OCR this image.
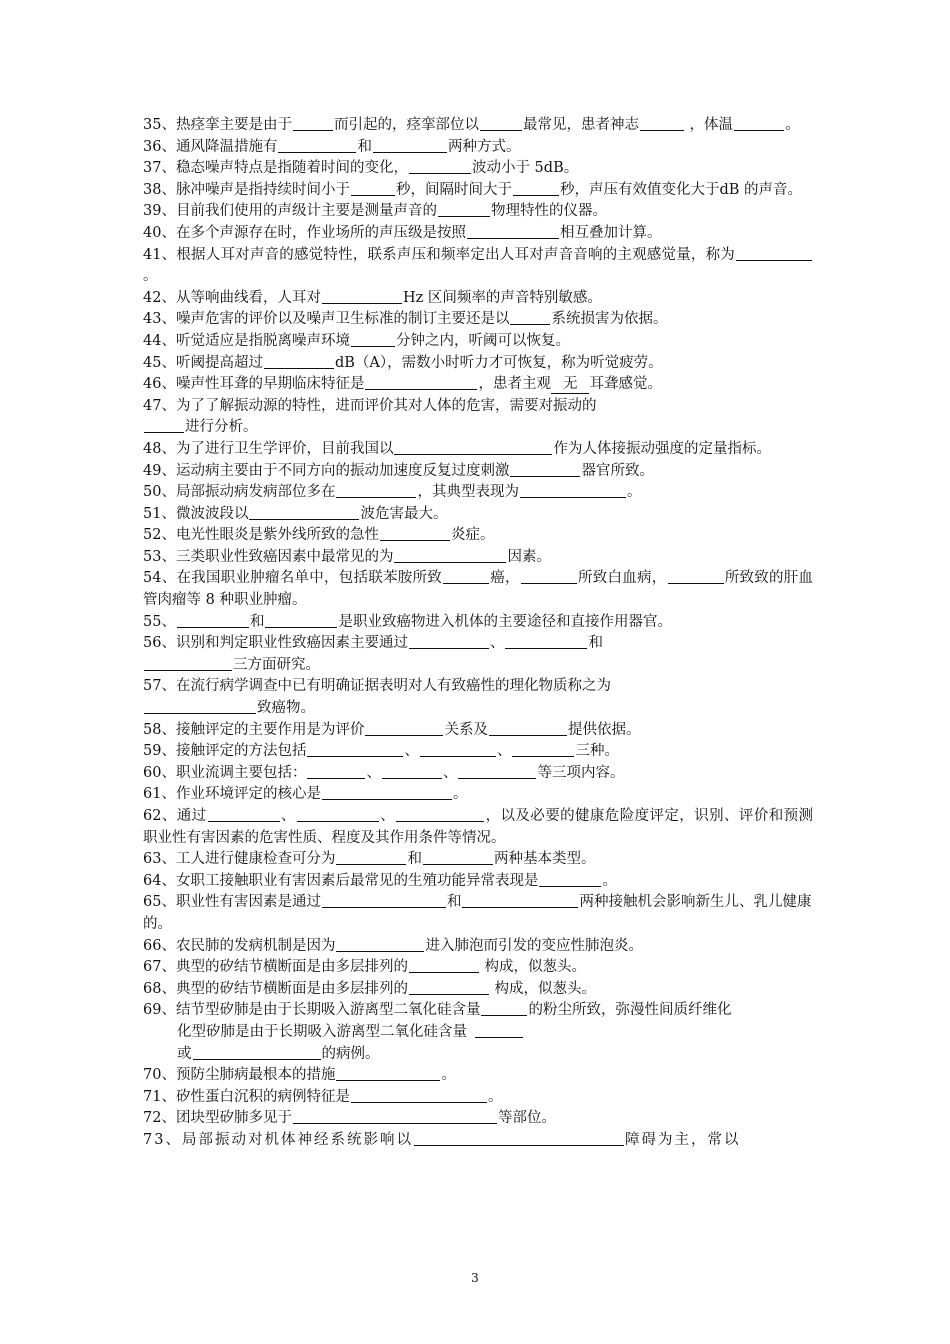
35、热痉挛主要是由于	而引起的，痉挛部位以	最常见，患者神志	，体温	。

36、通风降温措施有	和	两种方式。

37、稳态噪声特点是指随着时间的变化，	波动小于 5dB。

38、脉冲噪声是指持续时间小于	秒，间隔时间大于	秒，声压有效值变化大于dB 的声音。

39、目前我们使用的声级计主要是测量声音的	物理特性的仪器。

40、在多个声源存在时，作业场所的声压级是按照	相互叠加计算。

41、根据人耳对声音的感觉特性，联系声压和频率定出人耳对声音音响的主观感觉量，称为。

42、从等响曲线看，人耳对	Hz 区间频率的声音特别敏感。

43、噪声危害的评价以及噪声卫生标准的制订主要还是以	系统损害为依据。

44、听觉适应是指脱离噪声环境	分钟之内，听阈可以恢复。

45、听阈提高超过	dB（A），需数小时听力才可恢复，称为听觉疲劳。

46、噪声性耳聋的早期临床特征是	，患者主观 无 耳聋感觉。

47、为了了解振动源的特性，进而评价其对人体的危害，需要对振动的
进行分析。

48、为了进行卫生学评价，目前我国以	作为人体接振动强度的定量指标。

49、运动病主要由于不同方向的振动加速度反复过度刺激	器官所致。

50、局部振动病发病部位多在	，其典型表现为	。

51、微波波段以	波危害最大。

52、电光性眼炎是紫外线所致的急性	炎症。

53、三类职业性致癌因素中最常见的为	因素。

54、在我国职业肿瘤名单中，包括联苯胺所致	癌，	所致白血病，	所致致的肝血管肉瘤等 8 种职业肿瘤。

55、	和	是职业致癌物进入机体的主要途径和直接作用器官。

56、识别和判定职业性致癌因素主要通过	、	和
三方面研究。

57、在流行病学调查中已有明确证据表明对人有致癌性的理化物质称之为
致癌物。

58、接触评定的主要作用是为评价	关系及	提供依据。

59、接触评定的方法包括	、	、	三种。

60、职业流调主要包括：	、	、	等三项内容。

61、作业环境评定的核心是	。

62、通过	、	、	，以及必要的健康危险度评定，识别、评价和预测职业性有害因素的危害性质、程度及其作用条件等情况。

63、工人进行健康检查可分为	和	两种基本类型。

64、女职工接触职业有害因素后最常见的生殖功能异常表现是	。

65、职业性有害因素是通过	和	两种接触机会影响新生儿、乳儿健康的。

66、农民肺的发病机制是因为	进入肺泡而引发的变应性肺泡炎。

67、典型的矽结节横断面是由多层排列的	构成，似葱头。

68、典型的矽结节横断面是由多层排列的	构成，似葱头。

69、结节型矽肺是由于长期吸入游离型二氧化硅含量	的粉尘所致，弥漫性间质纤维化

化型矽肺是由于长期吸入游离型二氧化硅含量
或	的病例。

70、预防尘肺病最根本的措施	。

71、矽性蛋白沉积的病例特征是	。

72、团块型矽肺多见于	等部位。

73、局部振动对机体神经系统影响以	障碍为主，常以

3
